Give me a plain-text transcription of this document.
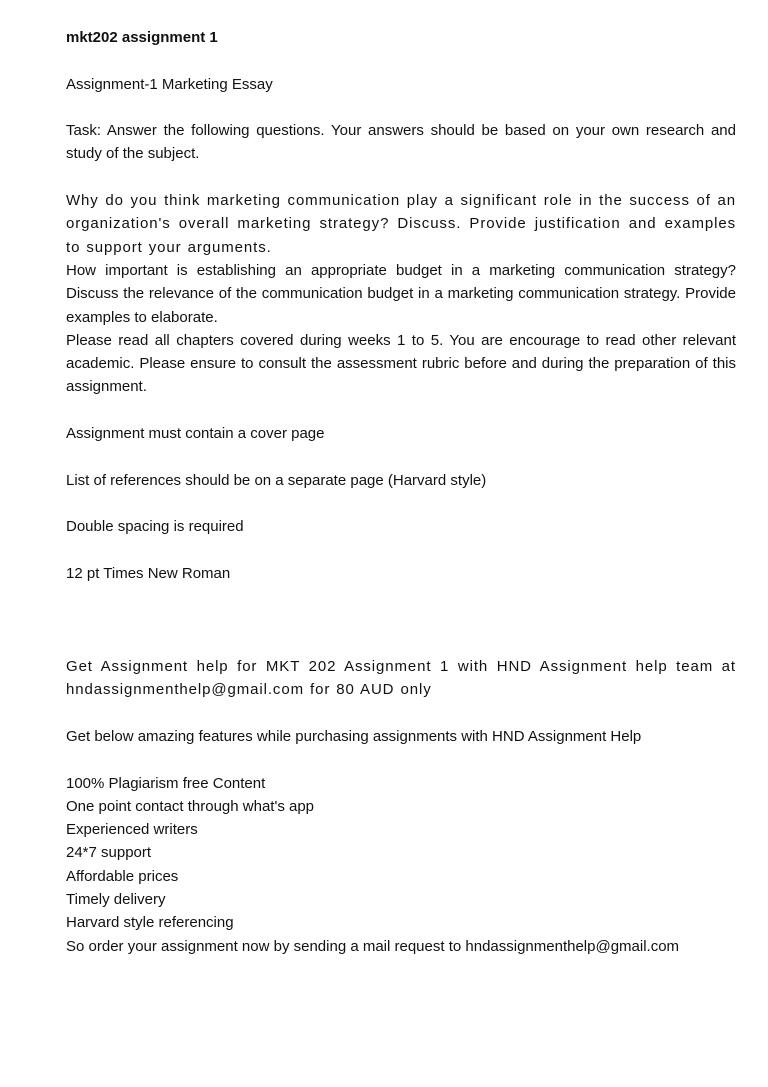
mkt202 assignment 1

Assignment-1 Marketing Essay

Task: Answer the following questions. Your answers should be based on your own research and study of the subject.

Why do you think marketing communication play a significant role in the success of an organization's overall marketing strategy? Discuss. Provide justification and examples to support your arguments.

How important is establishing an appropriate budget in a marketing communication strategy? Discuss the relevance of the communication budget in a marketing communication strategy. Provide examples to elaborate.

Please read all chapters covered during weeks 1 to 5. You are encourage to read other relevant academic. Please ensure to consult the assessment rubric before and during the preparation of this assignment.

Assignment must contain a cover page

List of references should be on a separate page (Harvard style)

Double spacing is required

12 pt Times New Roman

Get Assignment help for MKT 202 Assignment 1 with HND Assignment help team at hndassignmenthelp@gmail.com for 80 AUD only

Get below amazing features while purchasing assignments with HND Assignment Help

100% Plagiarism free Content
One point contact through what's app
Experienced writers
24*7 support
Affordable prices
Timely delivery
Harvard style referencing
So order your assignment now by sending a mail request to hndassignmenthelp@gmail.com
